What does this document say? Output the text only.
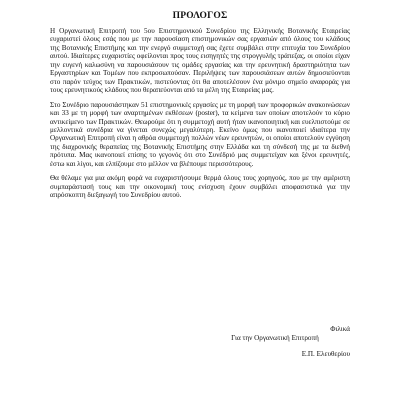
ΠΡΟΛΟΓΟΣ

Η Οργανωτική Επιτροπή του 5ου Επιστημονικού Συνεδρίου της Ελληνικής Βοτανικής Εταιρείας ευχαριστεί όλους εσάς που με την παρουσίαση επιστημονικών σας εργασιών από όλους του κλάδους της Βοτανικής Επιστήμης και την ενεργό συμμετοχή σας έχετε συμβάλει στην επιτυχία του Συνεδρίου αυτού. Ιδιαίτερες ευχαριστίες οφείλονται προς τους εισηγητές της στρογγυλής τράπεζας, οι οποίοι είχαν την ευγενή καλωσύνη να παρουσιάσουν τις ομάδες εργασίας και την ερευνητική δραστηριότητα των Εργαστηρίων και Τομέων που εκπροσωπούσαν. Περιλήψεις των παρουσιάσεων αυτών δημοσιεύονται στο παρόν τεύχος των Πρακτικών, πιστεύοντας ότι θα αποτελέσουν ένα μόνιμο σημείο αναφοράς για τους ερευνητικούς κλάδους που θεραπεύονται από τα μέλη της Εταιρείας μας.

Στο Συνέδριο παρουσιάστηκαν 51 επιστημονικές εργασίες με τη μορφή των προφορικών ανακοινώσεων και 33 με τη μορφή των αναρτημένων εκθέσεων (poster), τα κείμενα των οποίων αποτελούν το κύριο αντικείμενο των Πρακτικών. Θεωρούμε ότι η συμμετοχή αυτή ήταν ικανοποιητική και ευελπιστούμε σε μελλοντικά συνέδρια να γίνεται συνεχώς μεγαλύτερη. Εκείνο όμως που ικανοποιεί ιδιαίτερα την Οργανωτική Επιτροπή είναι η αθρόα συμμετοχή πολλών νέων ερευνητών, οι οποίοι αποτελούν εγγύηση της διαχρονικής θεραπείας της Βοτανικής Επιστήμης στην Ελλάδα και τη σύνδεσή της με τα διεθνή πρότυπα. Μας ικανοποιεί επίσης το γεγονός ότι στο Συνέδριό μας συμμετείχαν και ξένοι ερευνητές, έστω και λίγοι, και ελπίζουμε στο μέλλον να βλέπουμε περισσότερους.

Θα θέλαμε για μια ακόμη φορά να ευχαριστήσουμε θερμά όλους τους χορηγούς, που με την αμέριστη συμπαράστασή τους και την οικονομική τους ενίσχυση έχουν συμβάλει αποφασιστικά για την απρόσκοπτη διεξαγωγή του Συνεδρίου αυτού.

Φιλικά
Για την Οργανωτική Επιτροπή
Ε.Π. Ελευθερίου
